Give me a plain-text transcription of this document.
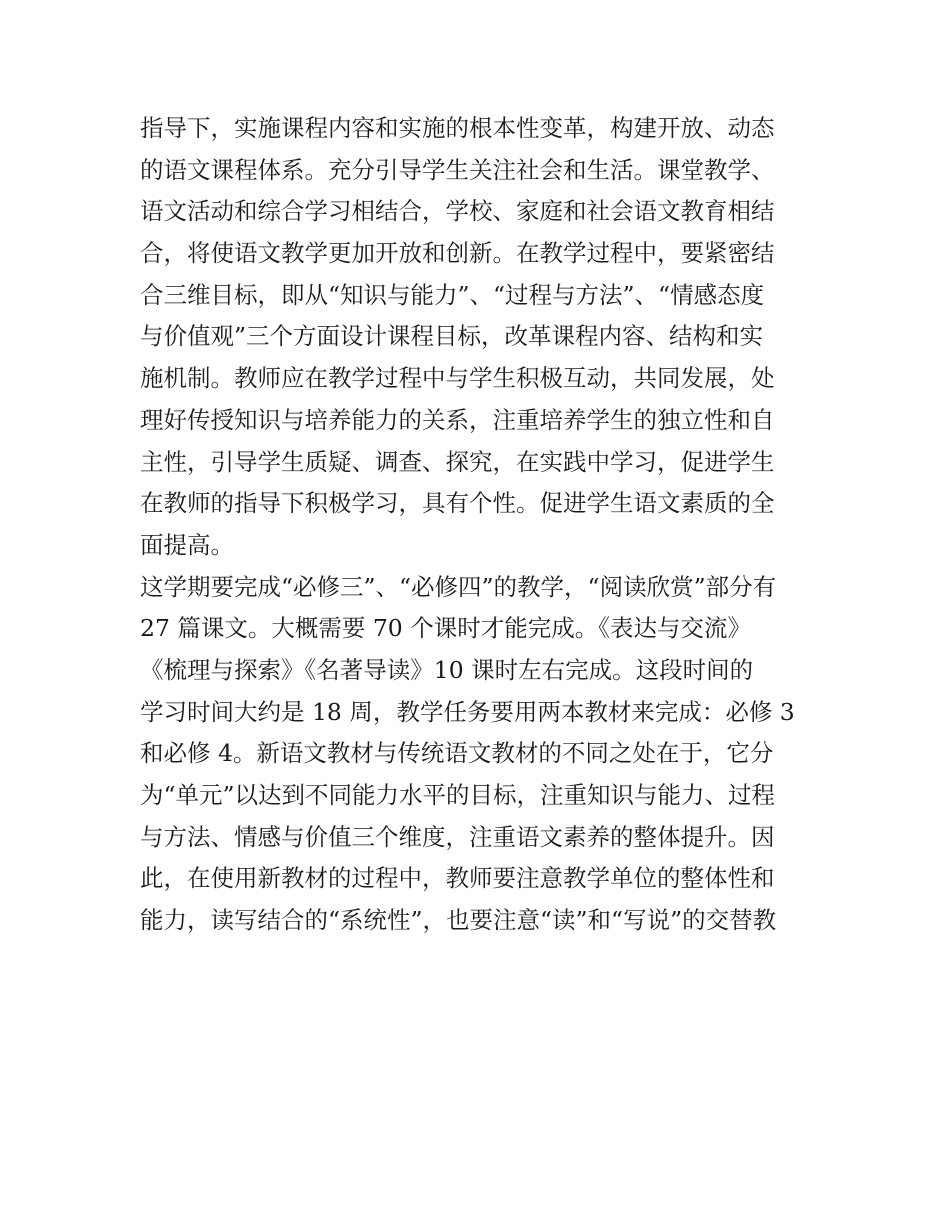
指导下，实施课程内容和实施的根本性变革，构建开放、动态
的语文课程体系。充分引导学生关注社会和生活。课堂教学、
语文活动和综合学习相结合，学校、家庭和社会语文教育相结
合，将使语文教学更加开放和创新。在教学过程中，要紧密结
合三维目标，即从“知识与能力”、“过程与方法”、“情感态度
与价值观”三个方面设计课程目标，改革课程内容、结构和实
施机制。教师应在教学过程中与学生积极互动，共同发展，处
理好传授知识与培养能力的关系，注重培养学生的独立性和自
主性，引导学生质疑、调查、探究，在实践中学习，促进学生
在教师的指导下积极学习，具有个性。促进学生语文素质的全
面提高。
这学期要完成“必修三”、“必修四”的教学，“阅读欣赏”部分有
27 篇课文。大概需要 70 个课时才能完成。《表达与交流》
《梳理与探索》《名著导读》10 课时左右完成。这段时间的
学习时间大约是 18 周，教学任务要用两本教材来完成：必修 3
和必修 4。新语文教材与传统语文教材的不同之处在于，它分
为“单元”以达到不同能力水平的目标，注重知识与能力、过程
与方法、情感与价值三个维度，注重语文素养的整体提升。因
此，在使用新教材的过程中，教师要注意教学单位的整体性和
能力，读写结合的“系统性”，也要注意“读”和“写说”的交替教
